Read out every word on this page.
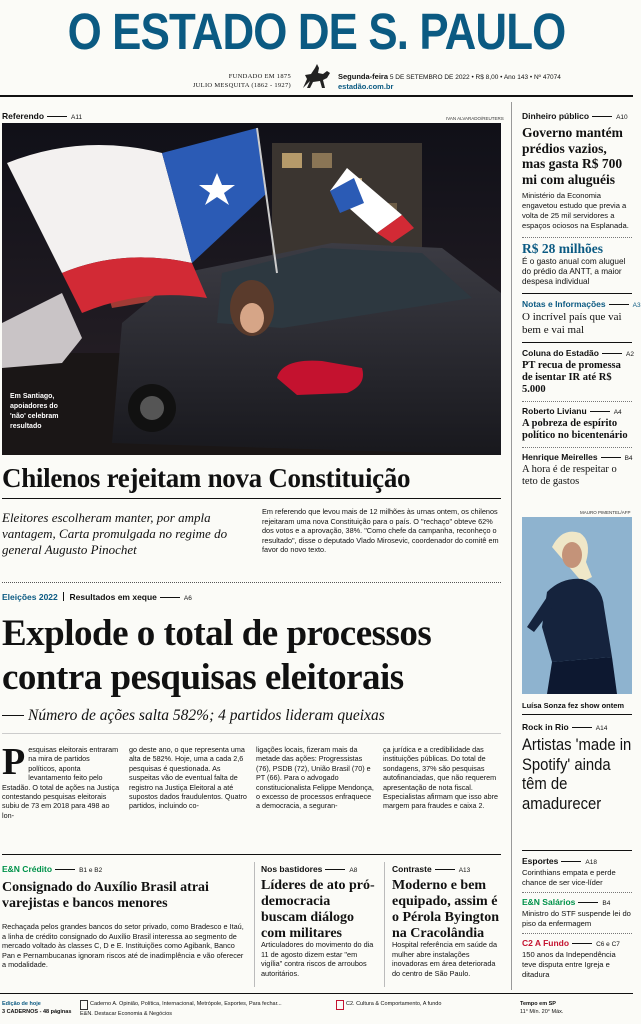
O ESTADO DE S. PAULO
FUNDADO EM 1875
JULIO MESQUITA (1862 - 1927)
Segunda-feira 5 DE SETEMBRO DE 2022 • R$ 8,00 • Ano 143 • Nº 47074
estadão.com.br
Referendo	A11	IVAN ALVARADO/REUTERS
Em Santiago, apoiadores do 'não' celebram resultado
Chilenos rejeitam nova Constituição
Eleitores escolheram manter, por ampla vantagem, Carta promulgada no regime do general Augusto Pinochet
Em referendo que levou mais de 12 milhões às urnas ontem, os chilenos rejeitaram uma nova Constituição para o país. O "rechaço" obteve 62% dos votos e a aprovação, 38%. "Como chefe da campanha, reconheço o resultado", disse o deputado Vlado Mirosevic, coordenador do comitê em favor do novo texto.
Eleições 2022 Resultados em xeque	A6
Explode o total de processos contra pesquisas eleitorais
Número de ações salta 582%; 4 partidos lideram queixas
Pesquisas eleitorais entraram na mira de partidos políticos, aponta levantamento feito pelo Estadão. O total de ações na Justiça contestando pesquisas eleitorais subiu de 73 em 2018 para 498 ao lon-
go deste ano, o que representa uma alta de 582%. Hoje, uma a cada 2,6 pesquisas é questionada. As suspeitas vão de eventual falta de registro na Justiça Eleitoral a até supostos dados fraudulentos. Quatro partidos, incluindo co-
ligações locais, fizeram mais da metade das ações: Progressistas (76), PSDB (72), União Brasil (70) e PT (66). Para o advogado constitucionalista Felippe Mendonça, o excesso de processos enfraquece a democracia, a seguran-
ça jurídica e a credibilidade das instituições públicas. Do total de sondagens, 37% são pesquisas autofinanciadas, que não requerem apresentação de nota fiscal. Especialistas afirmam que isso abre margem para fraudes e caixa 2.
E&N Crédito	B1 e B2
Consignado do Auxílio Brasil atrai varejistas e bancos menores
Rechaçada pelos grandes bancos do setor privado, como Bradesco e Itaú, a linha de crédito consignado do Auxílio Brasil interessa ao segmento de mercado voltado às classes C, D e E. Instituições como Agibank, Banco Pan e Pernambucanas ignoram riscos até de inadimplência e vão oferecer a modalidade.
Nos bastidores	A8
Líderes de ato pró-democracia buscam diálogo com militares
Articuladores do movimento do dia 11 de agosto dizem estar "em vigília" contra riscos de arroubos autoritários.
Contraste	A13
Moderno e bem equipado, assim é o Pérola Byington na Cracolândia
Hospital referência em saúde da mulher abre instalações inovadoras em área deteriorada do centro de São Paulo.
Dinheiro público	A10
Governo mantém prédios vazios, mas gasta R$ 700 mi com aluguéis
Ministério da Economia engavetou estudo que previa a volta de 25 mil servidores a espaços ociosos na Esplanada.
R$ 28 milhões
É o gasto anual com aluguel do prédio da ANTT, a maior despesa individual
Notas e Informações	A3
O incrível país que vai bem e vai mal
Coluna do Estadão	A2
PT recua de promessa de isentar IR até R$ 5.000
Roberto Livianu	A4
A pobreza de espírito político no bicentenário
Henrique Meirelles	B4
A hora é de respeitar o teto de gastos
MAURO PIMENTEL/AFP
Luísa Sonza fez show ontem
Rock in Rio	A14
Artistas 'made in Spotify' ainda têm de amadurecer
Esportes	A18
Corinthians empata e perde chance de ser vice-líder
E&N Salários	B4
Ministro do STF suspende lei do piso da enfermagem
C2 A Fundo	C6 e C7
150 anos da Independência teve disputa entre Igreja e ditadura
Edição de hoje
3 CADERNOS - 48 páginas
Caderno A. Opinião, Política, Internacional, Metrópole, Esportes, Para fechar...
E&N. Destacar Economia & Negócios
C2. Cultura & Comportamento, A fundo	Tempo em SP
11° Mín. 20° Máx.
